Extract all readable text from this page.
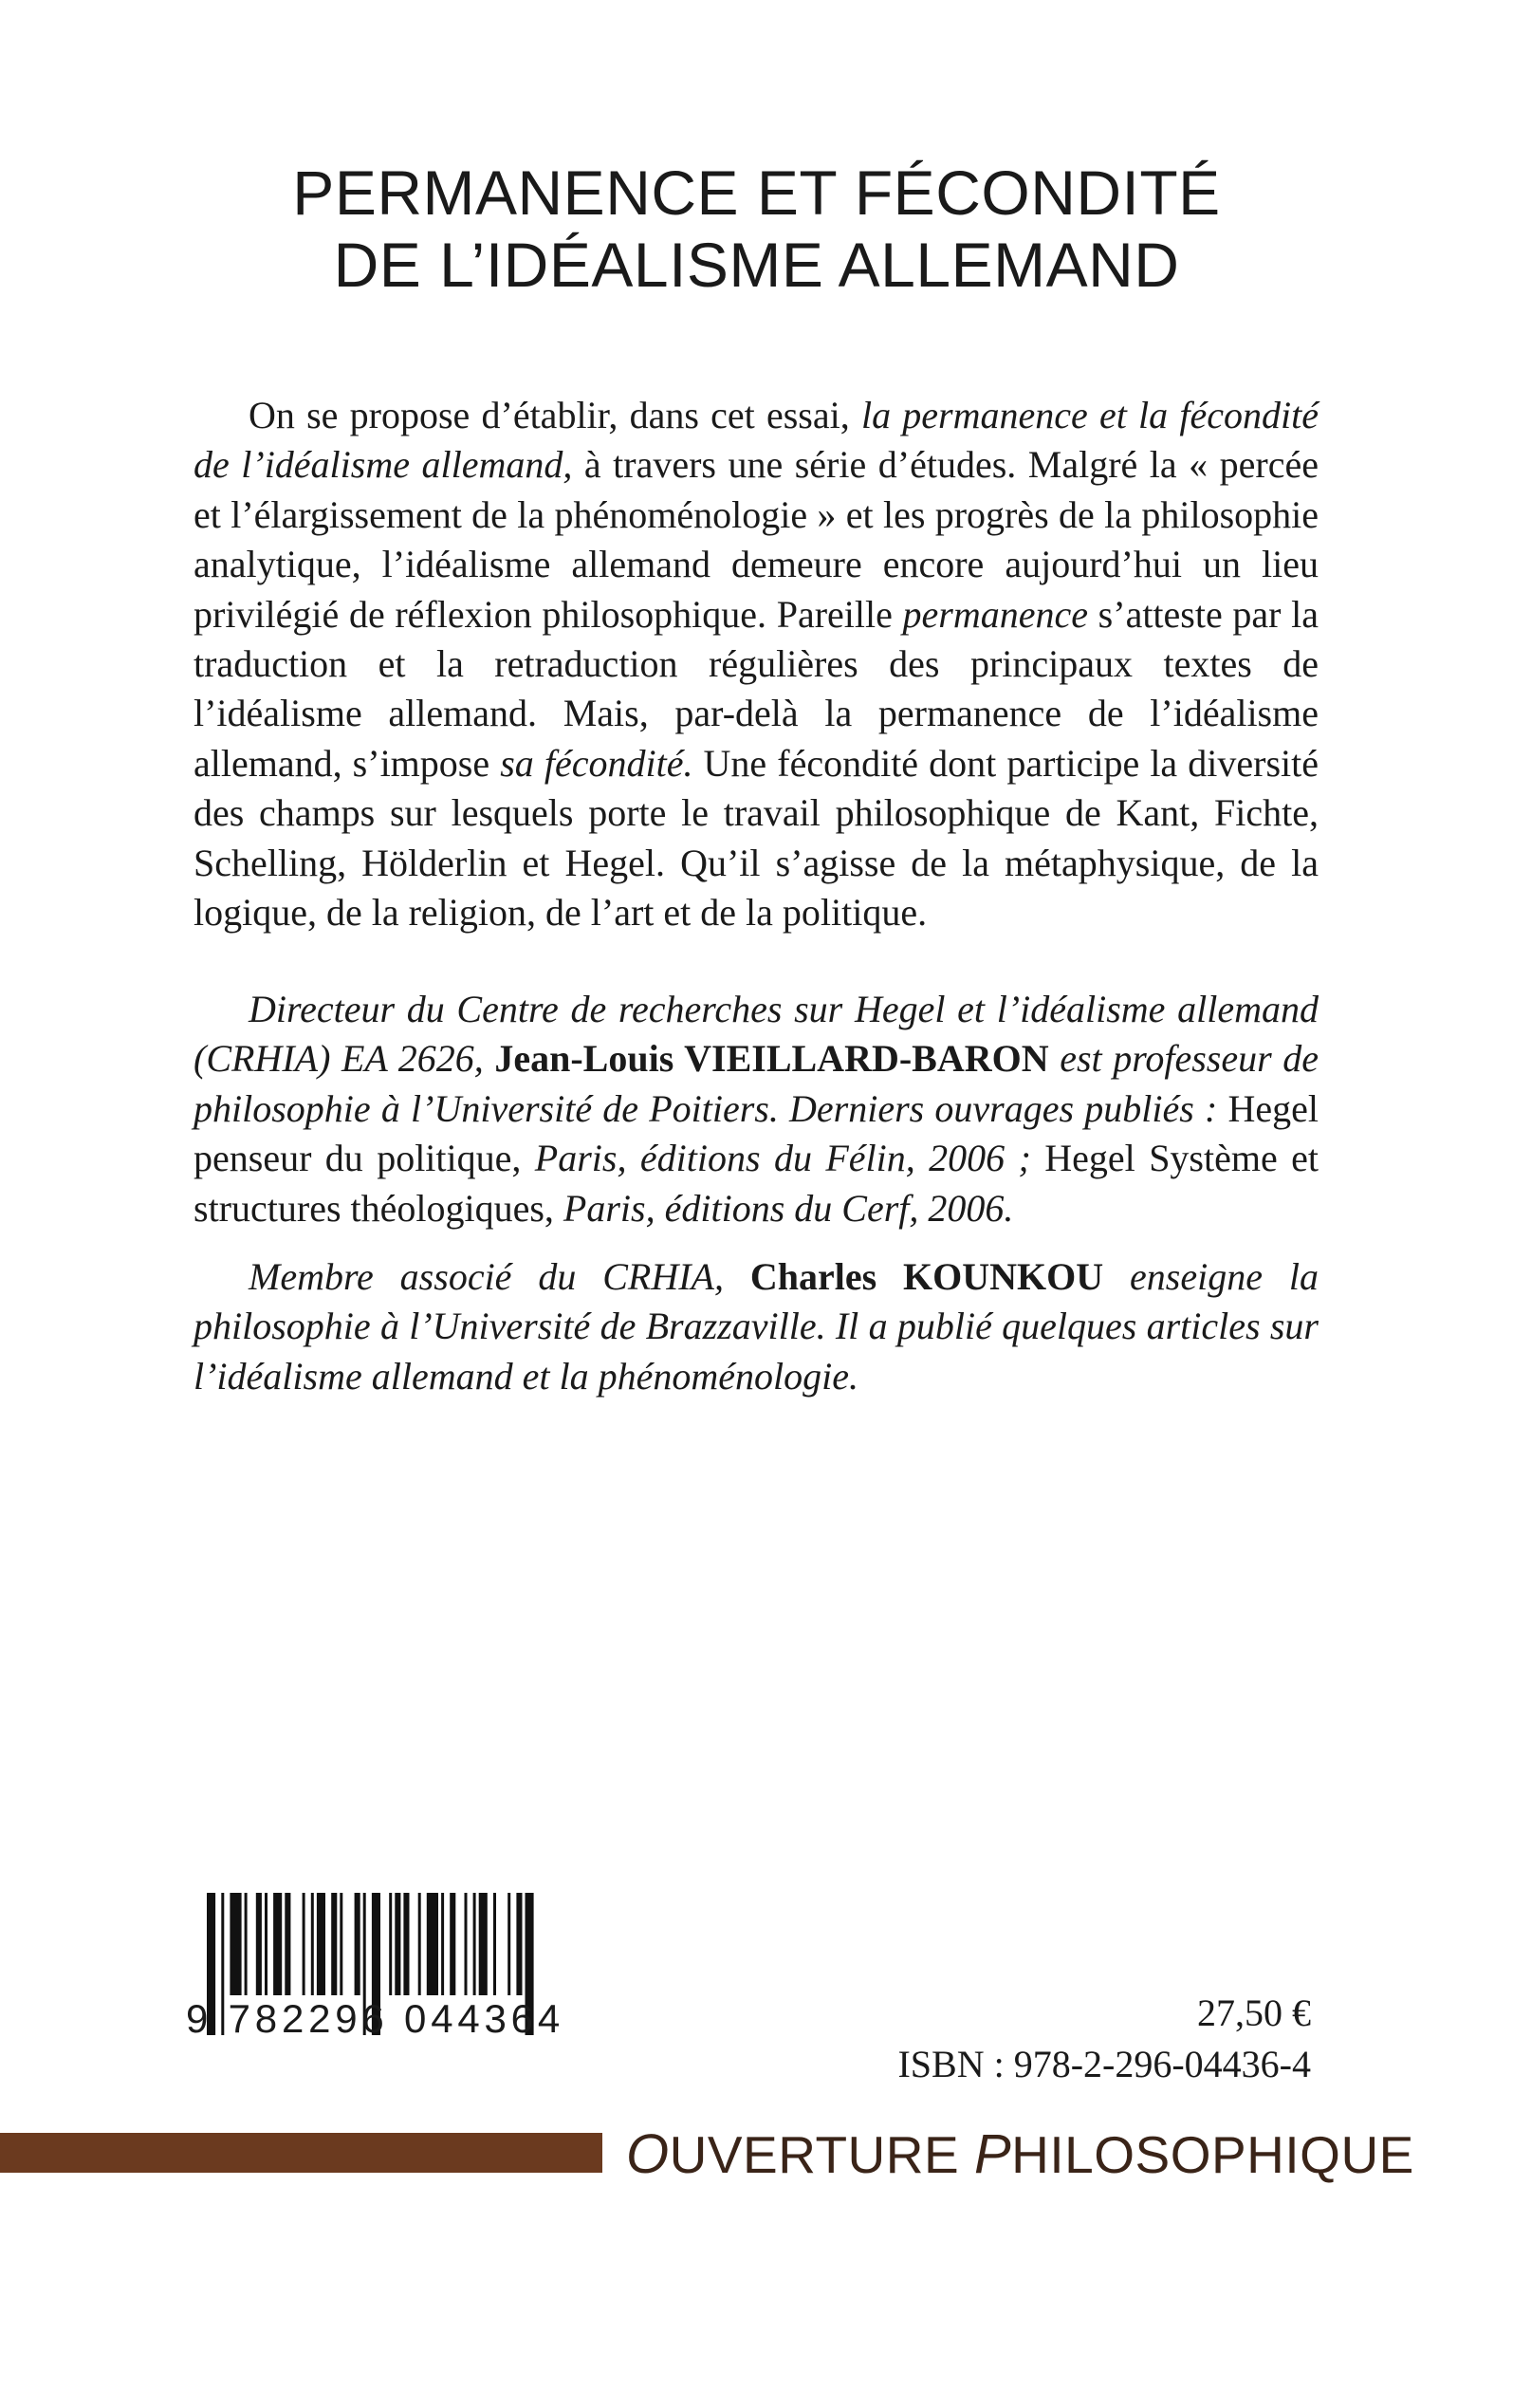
PERMANENCE ET FÉCONDITÉ
DE L’IDÉALISME ALLEMAND

On se propose d’établir, dans cet essai, la permanence et la fécondité de l’idéalisme allemand, à travers une série d’études. Malgré la « percée et l’élargissement de la phénoménologie » et les progrès de la philosophie analytique, l’idéalisme allemand demeure encore aujourd’hui un lieu privilégié de réflexion philosophique. Pareille permanence s’atteste par la traduction et la retraduction régulières des principaux textes de l’idéalisme allemand. Mais, par-delà la permanence de l’idéalisme allemand, s’impose sa fécondité. Une fécondité dont participe la diversité des champs sur lesquels porte le travail philosophique de Kant, Fichte, Schelling, Hölderlin et Hegel. Qu’il s’agisse de la métaphysique, de la logique, de la religion, de l’art et de la politique.

Directeur du Centre de recherches sur Hegel et l’idéalisme allemand (CRHIA) EA 2626, Jean-Louis VIEILLARD-BARON est professeur de philosophie à l’Université de Poitiers. Derniers ouvrages publiés : Hegel penseur du politique, Paris, éditions du Félin, 2006 ; Hegel Système et structures théologiques, Paris, éditions du Cerf, 2006.

Membre associé du CRHIA, Charles KOUNKOU enseigne la philosophie à l’Université de Brazzaville. Il a publié quelques articles sur l’idéalisme allemand et la phénoménologie.

9 782296 044364	27,50 €
ISBN : 978-2-296-04436-4
OUVERTURE PHILOSOPHIQUE
